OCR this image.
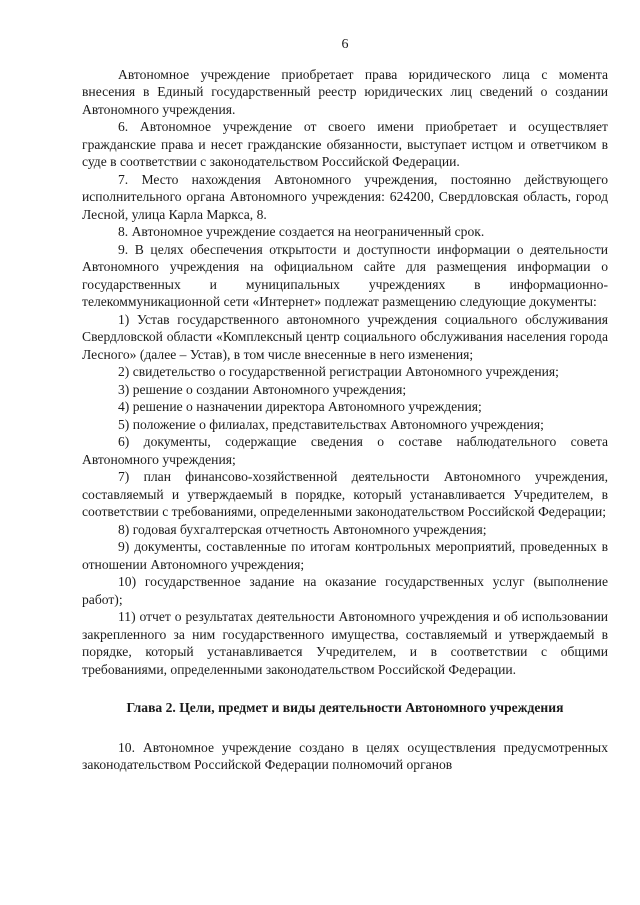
6

Автономное учреждение приобретает права юридического лица с момента внесения в Единый государственный реестр юридических лиц сведений о создании Автономного учреждения.

6. Автономное учреждение от своего имени приобретает и осуществляет гражданские права и несет гражданские обязанности, выступает истцом и ответчиком в суде в соответствии с законодательством Российской Федерации.

7. Место нахождения Автономного учреждения, постоянно действующего исполнительного органа Автономного учреждения: 624200, Свердловская область, город Лесной, улица Карла Маркса, 8.

8. Автономное учреждение создается на неограниченный срок.

9. В целях обеспечения открытости и доступности информации о деятельности Автономного учреждения на официальном сайте для размещения информации о государственных и муниципальных учреждениях в информационно-телекоммуникационной сети «Интернет» подлежат размещению следующие документы:

1) Устав государственного автономного учреждения социального обслуживания Свердловской области «Комплексный центр социального обслуживания населения города Лесного» (далее – Устав), в том числе внесенные в него изменения;

2) свидетельство о государственной регистрации Автономного учреждения;

3) решение о создании Автономного учреждения;

4) решение о назначении директора Автономного учреждения;

5) положение о филиалах, представительствах Автономного учреждения;

6) документы, содержащие сведения о составе наблюдательного совета Автономного учреждения;

7) план финансово-хозяйственной деятельности Автономного учреждения, составляемый и утверждаемый в порядке, который устанавливается Учредителем, в соответствии с требованиями, определенными законодательством Российской Федерации;

8) годовая бухгалтерская отчетность Автономного учреждения;

9) документы, составленные по итогам контрольных мероприятий, проведенных в отношении Автономного учреждения;

10) государственное задание на оказание государственных услуг (выполнение работ);

11) отчет о результатах деятельности Автономного учреждения и об использовании закрепленного за ним государственного имущества, составляемый и утверждаемый в порядке, который устанавливается Учредителем, и в соответствии с общими требованиями, определенными законодательством Российской Федерации.

Глава 2. Цели, предмет и виды деятельности Автономного учреждения

10. Автономное учреждение создано в целях осуществления предусмотренных законодательством Российской Федерации полномочий органов
